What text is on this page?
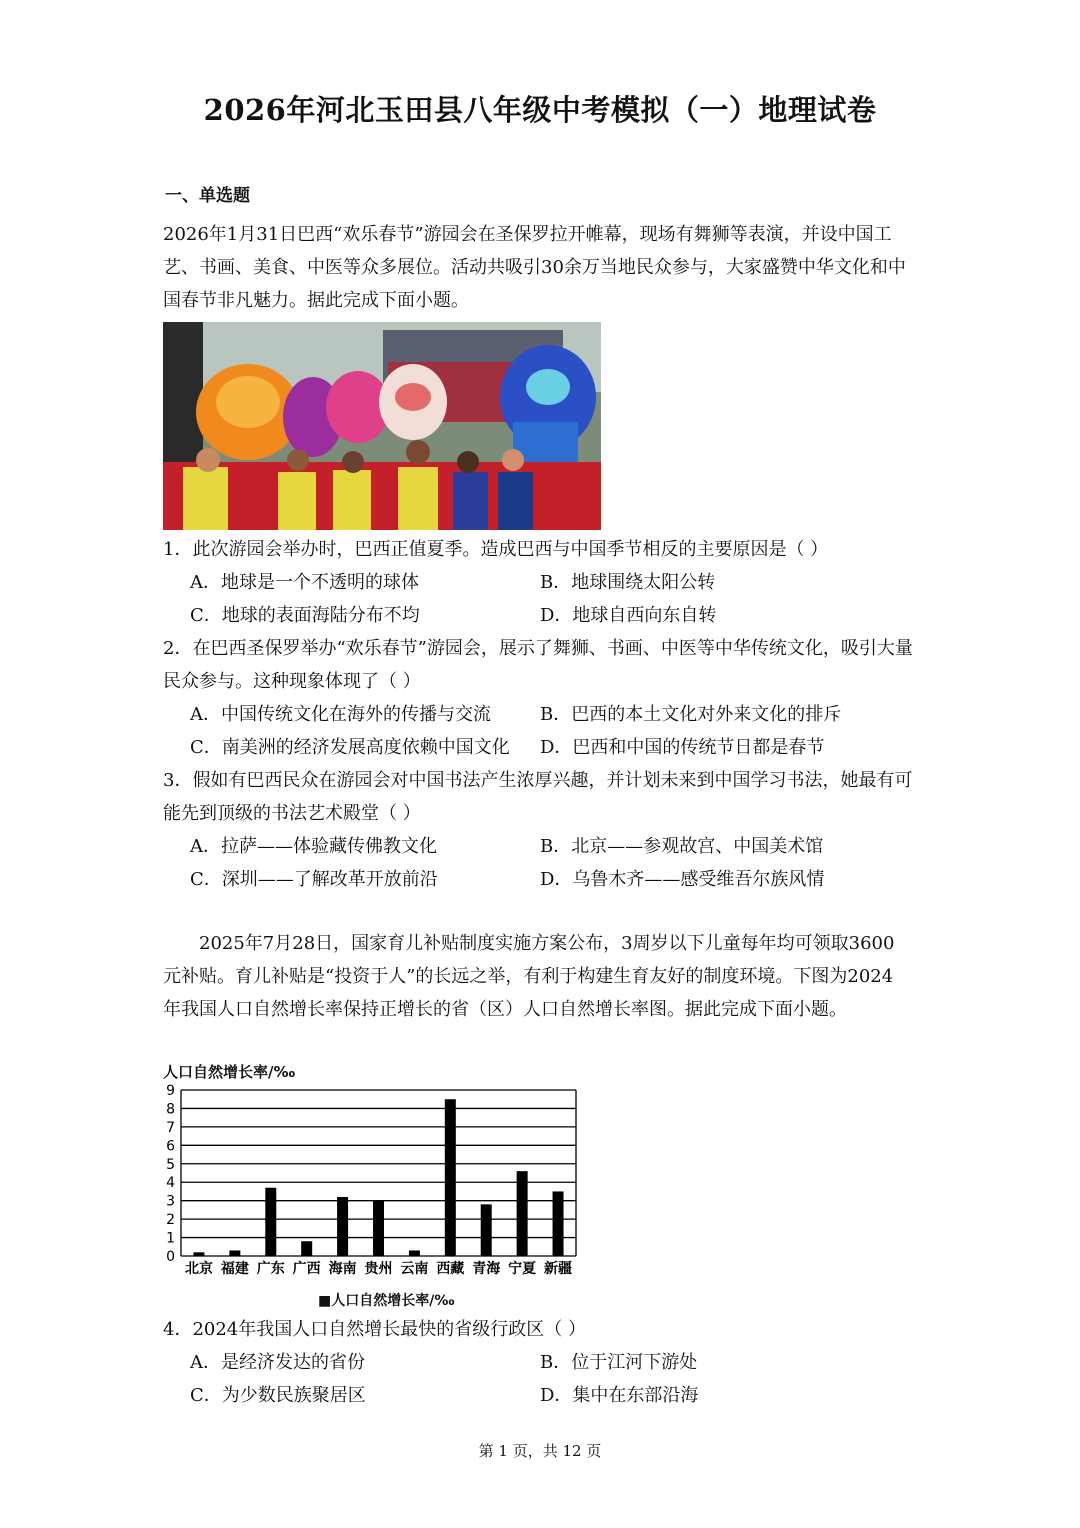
2026年河北玉田县八年级中考模拟（一）地理试卷
一、单选题

2026年1月31日巴西“欢乐春节”游园会在圣保罗拉开帷幕，现场有舞狮等表演，并设中国工艺、书画、美食、中医等众多展位。活动共吸引30余万当地民众参与，大家盛赞中华文化和中国春节非凡魅力。据此完成下面小题。

1．此次游园会举办时，巴西正值夏季。造成巴西与中国季节相反的主要原因是（ ）

A．地球是一个不透明的球体	B．地球围绕太阳公转
C．地球的表面海陆分布不均	D．地球自西向东自转

2．在巴西圣保罗举办“欢乐春节”游园会，展示了舞狮、书画、中医等中华传统文化，吸引大量民众参与。这种现象体现了（ ）

A．中国传统文化在海外的传播与交流	B．巴西的本土文化对外来文化的排斥
C．南美洲的经济发展高度依赖中国文化 D．巴西和中国的传统节日都是春节

3．假如有巴西民众在游园会对中国书法产生浓厚兴趣，并计划未来到中国学习书法，她最有可能先到顶级的书法艺术殿堂（ ）

A．拉萨——体验藏传佛教文化	B．北京——参观故宫、中国美术馆
C．深圳——了解改革开放前沿	D．乌鲁木齐——感受维吾尔族风情

2025年7月28日，国家育儿补贴制度实施方案公布，3周岁以下儿童每年均可领取3600元补贴。育儿补贴是“投资于人”的长远之举，有利于构建生育友好的制度环境。下图为2024年我国人口自然增长率保持正增长的省（区）人口自然增长率图。据此完成下面小题。

人口自然增长率/‰
0
1
2
3
4
5
6
7
8
9
北京 福建 广东 广西 海南 贵州 云南 西藏 青海 宁夏 新疆
■人口自然增长率/‰

4．2024年我国人口自然增长最快的省级行政区（ ）

A．是经济发达的省份	B．位于江河下游处
C．为少数民族聚居区	D．集中在东部沿海
第 1 页，共 12 页
